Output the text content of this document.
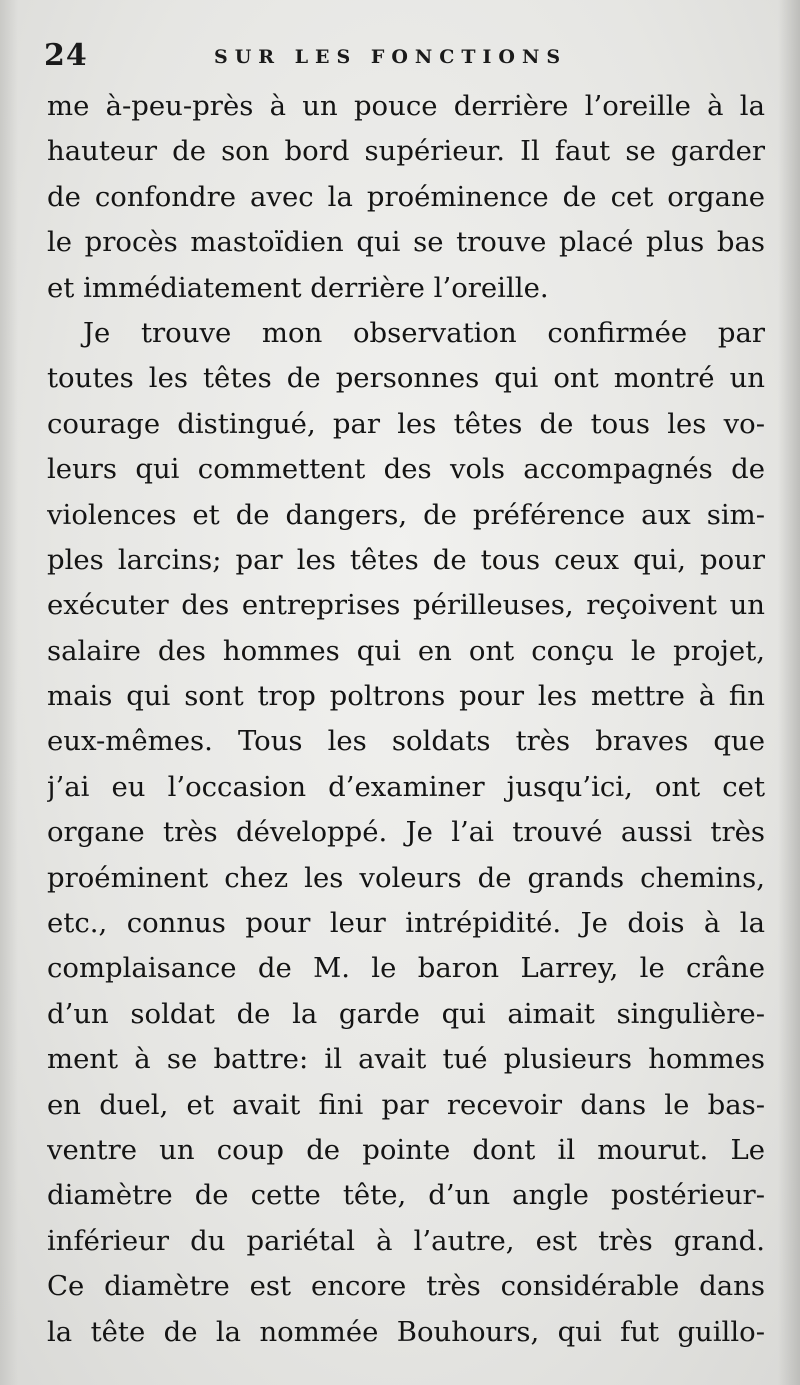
24	SUR LES FONCTIONS
me à-peu-près à un pouce derrière l’oreille à la
hauteur de son bord supérieur. Il faut se garder
de confondre avec la proéminence de cet organe
le procès mastoïdien qui se trouve placé plus bas
et immédiatement derrière l’oreille.
Je trouve mon observation confirmée par
toutes les têtes de personnes qui ont montré un
courage distingué, par les têtes de tous les vo-
leurs qui commettent des vols accompagnés de
violences et de dangers, de préférence aux sim-
ples larcins; par les têtes de tous ceux qui, pour
exécuter des entreprises périlleuses, reçoivent un
salaire des hommes qui en ont conçu le projet,
mais qui sont trop poltrons pour les mettre à fin
eux-mêmes. Tous les soldats très braves que
j’ai eu l’occasion d’examiner jusqu’ici, ont cet
organe très développé. Je l’ai trouvé aussi très
proéminent chez les voleurs de grands chemins,
etc., connus pour leur intrépidité. Je dois à la
complaisance de M. le baron Larrey, le crâne
d’un soldat de la garde qui aimait singulière-
ment à se battre: il avait tué plusieurs hommes
en duel, et avait fini par recevoir dans le bas-
ventre un coup de pointe dont il mourut. Le
diamètre de cette tête, d’un angle postérieur-
inférieur du pariétal à l’autre, est très grand.
Ce diamètre est encore très considérable dans
la tête de la nommée Bouhours, qui fut guillo-
